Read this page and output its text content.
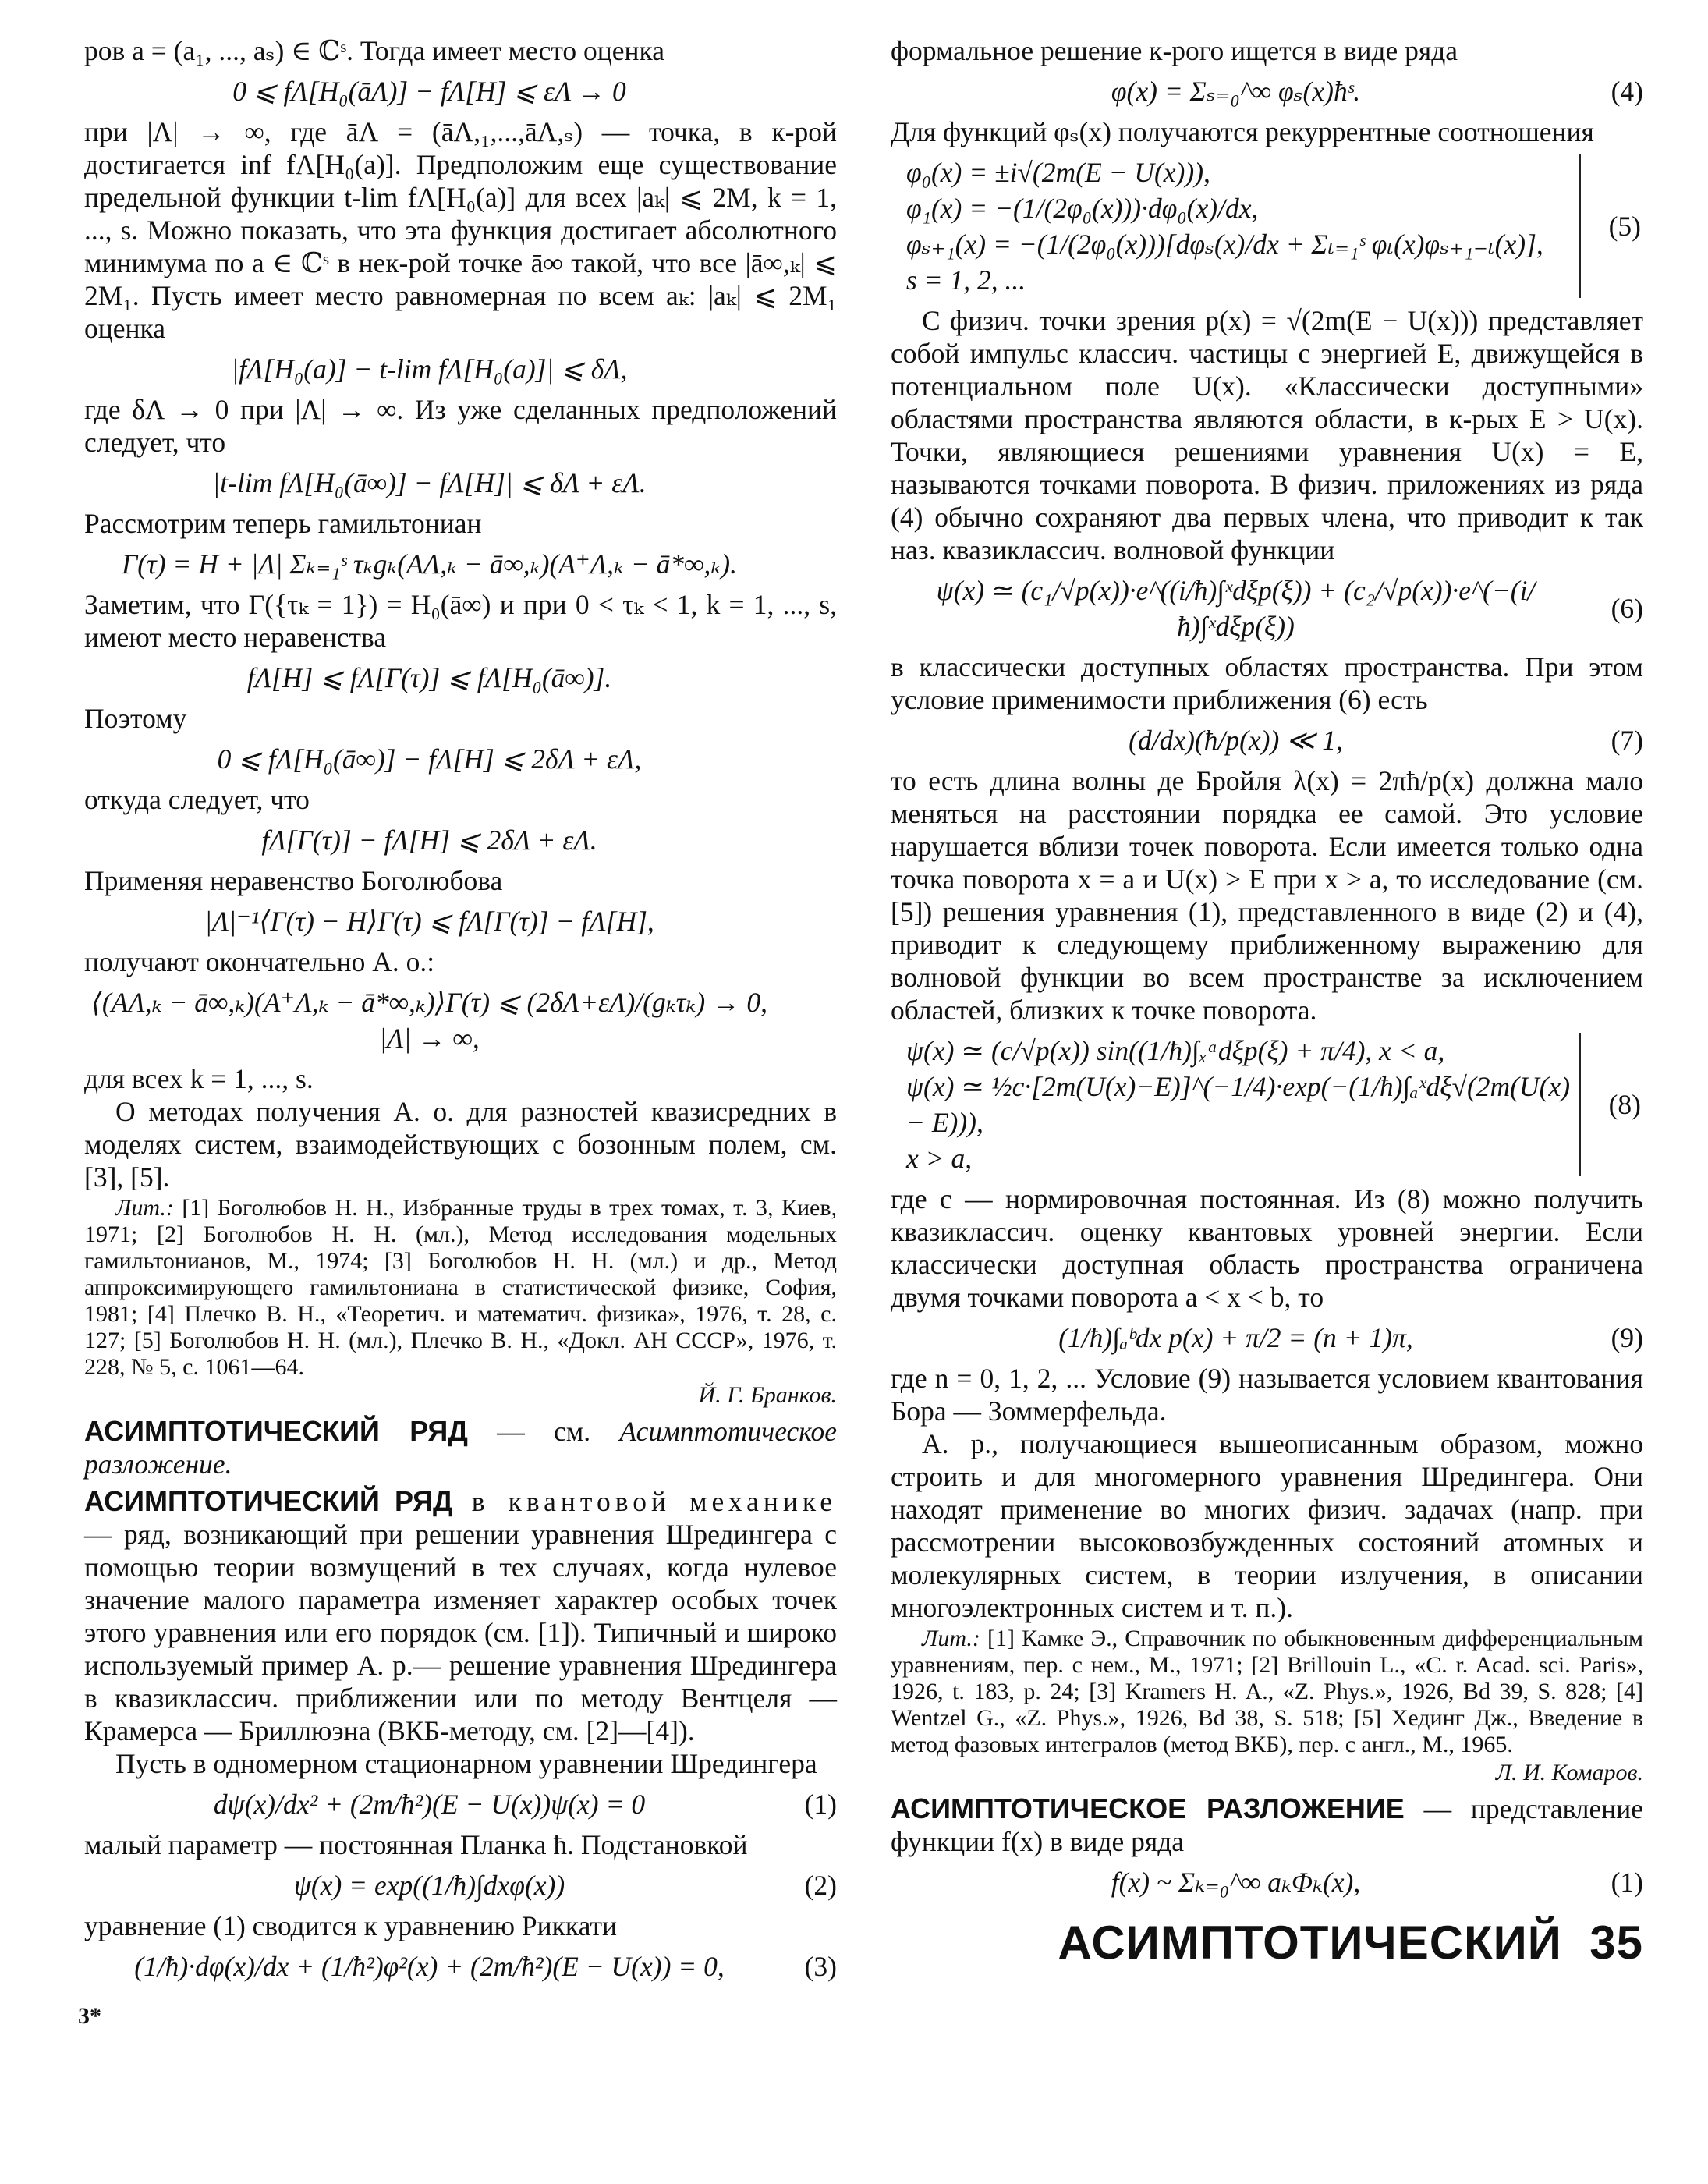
ров a = (a₁, ..., aₛ) ∈ ℂˢ. Тогда имеет место оценка

0 ⩽ fΛ[H₀(āΛ)] − fΛ[H] ⩽ εΛ → 0

при |Λ| → ∞, где āΛ = (āΛ,₁,...,āΛ,ₛ) — точка, в к-рой достигается inf fΛ[H₀(a)]. Предположим еще существование предельной функции t-lim fΛ[H₀(a)] для всех |aₖ| ⩽ 2M, k = 1, ..., s. Можно показать, что эта функция достигает абсолютного минимума по a ∈ ℂˢ в нек-рой точке ā∞ такой, что все |ā∞,ₖ| ⩽ 2M₁. Пусть имеет место равномерная по всем aₖ: |aₖ| ⩽ 2M₁ оценка

|fΛ[H₀(a)] − t-lim fΛ[H₀(a)]| ⩽ δΛ,

где δΛ → 0 при |Λ| → ∞. Из уже сделанных предположений следует, что

|t-lim fΛ[H₀(ā∞)] − fΛ[H]| ⩽ δΛ + εΛ.

Рассмотрим теперь гамильтониан

Γ(τ) = H + |Λ| Σₖ₌₁ˢ τₖgₖ(AΛ,ₖ − ā∞,ₖ)(A⁺Λ,ₖ − ā*∞,ₖ).

Заметим, что Γ({τₖ = 1}) = H₀(ā∞) и при 0 < τₖ < 1, k = 1, ..., s, имеют место неравенства

fΛ[H] ⩽ fΛ[Γ(τ)] ⩽ fΛ[H₀(ā∞)].

Поэтому

0 ⩽ fΛ[H₀(ā∞)] − fΛ[H] ⩽ 2δΛ + εΛ,

откуда следует, что

fΛ[Γ(τ)] − fΛ[H] ⩽ 2δΛ + εΛ.

Применяя неравенство Боголюбова

|Λ|⁻¹⟨Γ(τ) − H⟩Γ(τ) ⩽ fΛ[Γ(τ)] − fΛ[H],

получают окончательно А. о.:

⟨(AΛ,ₖ − ā∞,ₖ)(A⁺Λ,ₖ − ā*∞,ₖ)⟩Γ(τ) ⩽ (2δΛ+εΛ)/(gₖτₖ) → 0, |Λ| → ∞,

для всех k = 1, ..., s.

О методах получения А. о. для разностей квазисредних в моделях систем, взаимодействующих с бозонным полем, см. [3], [5].

Лит.: [1] Боголюбов Н. Н., Избранные труды в трех томах, т. 3, Киев, 1971; [2] Боголюбов Н. Н. (мл.), Метод исследования модельных гамильтонианов, М., 1974; [3] Боголюбов Н. Н. (мл.) и др., Метод аппроксимирующего гамильтониана в статистической физике, София, 1981; [4] Плечко В. Н., «Теоретич. и математич. физика», 1976, т. 28, с. 127; [5] Боголюбов Н. Н. (мл.), Плечко В. Н., «Докл. АН СССР», 1976, т. 228, № 5, с. 1061—64.

Й. Г. Бранков.

АСИМПТОТИЧЕСКИЙ РЯД — см. Асимптотическое разложение.

АСИМПТОТИЧЕСКИЙ РЯД в квантовой механике — ряд, возникающий при решении уравнения Шредингера с помощью теории возмущений в тех случаях, когда нулевое значение малого параметра изменяет характер особых точек этого уравнения или его порядок (см. [1]). Типичный и широко используемый пример А. р.— решение уравнения Шредингера в квазиклассич. приближении или по методу Вентцеля — Крамерса — Бриллюэна (ВКБ-методу, см. [2]—[4]).

Пусть в одномерном стационарном уравнении Шредингера

dψ(x)/dx² + (2m/ħ²)(E − U(x))ψ(x) = 0	(1)

малый параметр — постоянная Планка ħ. Подстановкой

ψ(x) = exp((1/ħ)∫dxφ(x))	(2)

уравнение (1) сводится к уравнению Риккати

(1/ħ)·dφ(x)/dx + (1/ħ²)φ²(x) + (2m/ħ²)(E − U(x)) = 0,	(3)
3*

формальное решение к-рого ищется в виде ряда

φ(x) = Σₛ₌₀^∞ φₛ(x)ħˢ.	(4)

Для функций φₛ(x) получаются рекуррентные соотношения

φ₀(x) = ±i√(2m(E − U(x))),
φ₁(x) = −(1/(2φ₀(x)))·dφ₀(x)/dx,
φₛ₊₁(x) = −(1/(2φ₀(x)))[dφₛ(x)/dx + Σₜ₌₁ˢ φₜ(x)φₛ₊₁₋ₜ(x)],
s = 1, 2, ...
(5)

С физич. точки зрения p(x) = √(2m(E − U(x))) представляет собой импульс классич. частицы с энергией E, движущейся в потенциальном поле U(x). «Классически доступными» областями пространства являются области, в к-рых E > U(x). Точки, являющиеся решениями уравнения U(x) = E, называются точками поворота. В физич. приложениях из ряда (4) обычно сохраняют два первых члена, что приводит к так наз. квазиклассич. волновой функции

ψ(x) ≃ (c₁/√p(x))·e^((i/ħ)∫ˣdξp(ξ)) + (c₂/√p(x))·e^(−(i/ħ)∫ˣdξp(ξ))
(6)

в классически доступных областях пространства. При этом условие применимости приближения (6) есть

(d/dx)(ħ/p(x)) ≪ 1,	(7)

то есть длина волны де Бройля λ(x) = 2πħ/p(x) должна мало меняться на расстоянии порядка ее самой. Это условие нарушается вблизи точек поворота. Если имеется только одна точка поворота x = a и U(x) > E при x > a, то исследование (см. [5]) решения уравнения (1), представленного в виде (2) и (4), приводит к следующему приближенному выражению для волновой функции во всем пространстве за исключением областей, близких к точке поворота.

ψ(x) ≃ (c/√p(x)) sin((1/ħ)∫ₓᵃdξp(ξ) + π/4), x < a,
ψ(x) ≃ ½c·[2m(U(x)−E)]^(−1/4)·exp(−(1/ħ)∫ₐˣdξ√(2m(U(x) − E))),
x > a,
(8)

где c — нормировочная постоянная. Из (8) можно получить квазиклассич. оценку квантовых уровней энергии. Если классически доступная область пространства ограничена двумя точками поворота a < x < b, то

(1/ħ)∫ₐᵇdx p(x) + π/2 = (n + 1)π,	(9)

где n = 0, 1, 2, ... Условие (9) называется условием квантования Бора — Зоммерфельда.

А. р., получающиеся вышеописанным образом, можно строить и для многомерного уравнения Шредингера. Они находят применение во многих физич. задачах (напр. при рассмотрении высоковозбужденных состояний атомных и молекулярных систем, в теории излучения, в описании многоэлектронных систем и т. п.).

Лит.: [1] Камке Э., Справочник по обыкновенным дифференциальным уравнениям, пер. с нем., М., 1971; [2] Brillouin L., «C. r. Acad. sci. Paris», 1926, t. 183, p. 24; [3] Kramers H. A., «Z. Phys.», 1926, Bd 39, S. 828; [4] Wentzel G., «Z. Phys.», 1926, Bd 38, S. 518; [5] Хединг Дж., Введение в метод фазовых интегралов (метод ВКБ), пер. с англ., М., 1965.

Л. И. Комаров.

АСИМПТОТИЧЕСКОЕ РАЗЛОЖЕНИЕ — представление функции f(x) в виде ряда

f(x) ~ Σₖ₌₀^∞ aₖΦₖ(x),	(1)
АСИМПТОТИЧЕСКИЙ  35
